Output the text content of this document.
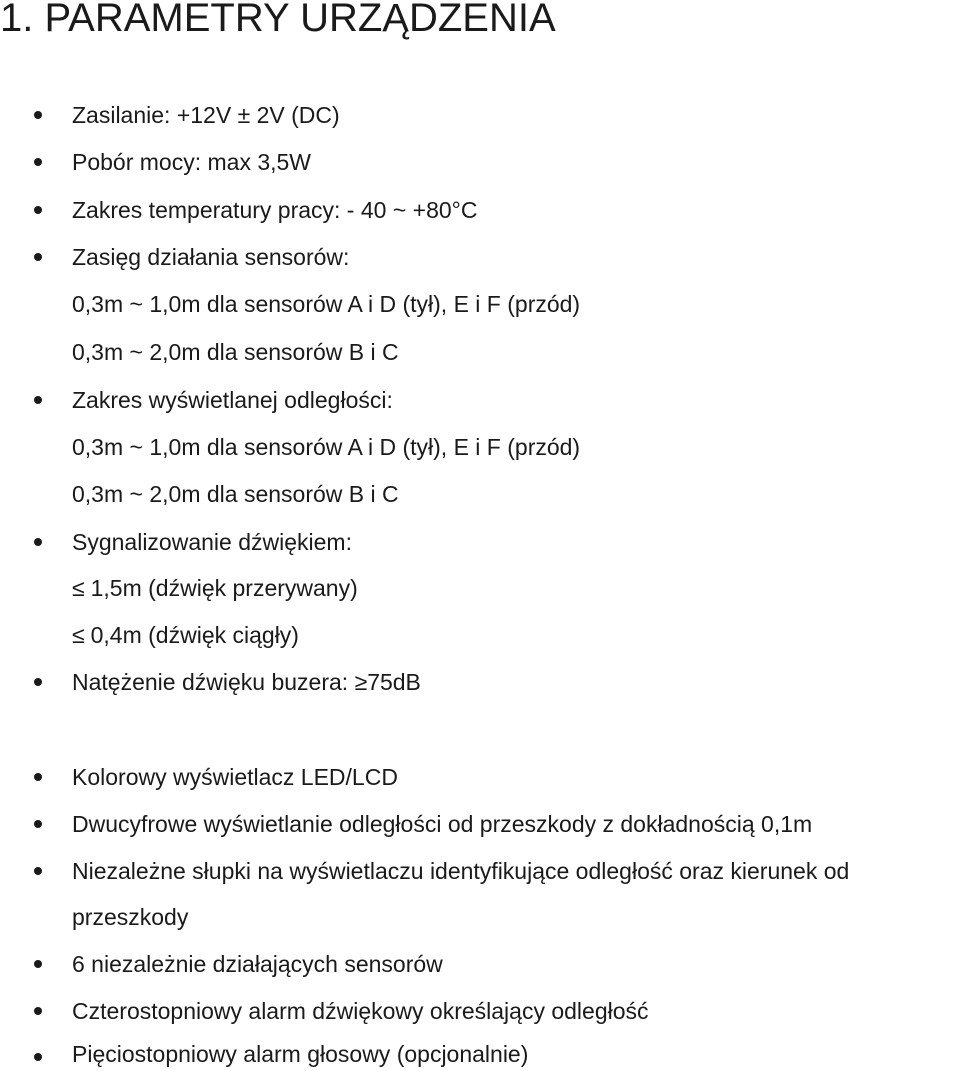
1. PARAMETRY URZĄDZENIA
Zasilanie: +12V ± 2V (DC)
Pobór mocy: max 3,5W
Zakres temperatury pracy: - 40 ~ +80°C
Zasięg działania sensorów:
0,3m ~ 1,0m dla sensorów A i D (tył), E i F (przód)
0,3m ~ 2,0m dla sensorów B i C
Zakres wyświetlanej odległości:
0,3m ~ 1,0m dla sensorów A i D (tył), E i F (przód)
0,3m ~ 2,0m dla sensorów B i C
Sygnalizowanie dźwiękiem:
≤ 1,5m (dźwięk przerywany)
≤ 0,4m (dźwięk ciągły)
Natężenie dźwięku buzera: ≥75dB
Kolorowy wyświetlacz LED/LCD
Dwucyfrowe wyświetlanie odległości od przeszkody z dokładnością 0,1m
Niezależne słupki na wyświetlaczu identyfikujące odległość oraz kierunek od
przeszkody
6 niezależnie działających sensorów
Czterostopniowy alarm dźwiękowy określający odległość
Pięciostopniowy alarm głosowy (opcjonalnie)
